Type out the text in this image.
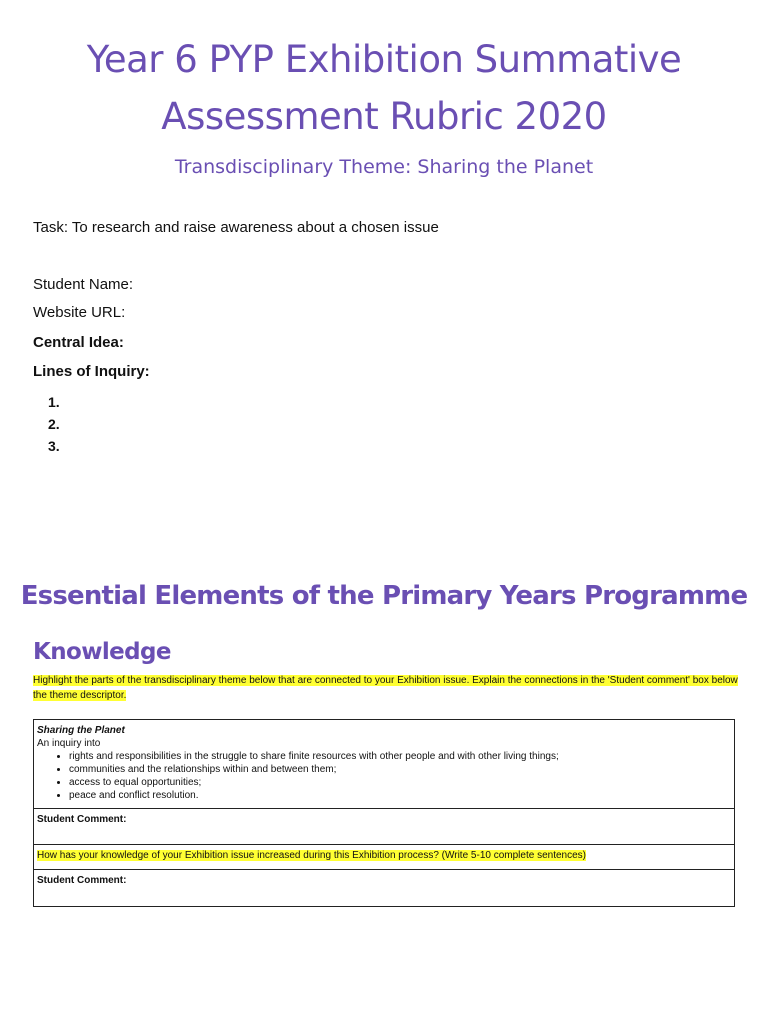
Year 6 PYP Exhibition Summative
Assessment Rubric 2020
Transdisciplinary Theme: Sharing the Planet
Task: To research and raise awareness about a chosen issue
Student Name:
Website URL:
Central Idea:
Lines of Inquiry:
1.
2.
3.
Essential Elements of the Primary Years Programme
Knowledge
Highlight the parts of the transdisciplinary theme below that are connected to your Exhibition issue. Explain the connections in the 'Student comment' box below the theme descriptor.
Sharing the Planet
An inquiry into
• rights and responsibilities in the struggle to share finite resources with other people and with other living things;
• communities and the relationships within and between them;
• access to equal opportunities;
• peace and conflict resolution.
Student Comment:
How has your knowledge of your Exhibition issue increased during this Exhibition process? (Write 5-10 complete sentences)
Student Comment:
